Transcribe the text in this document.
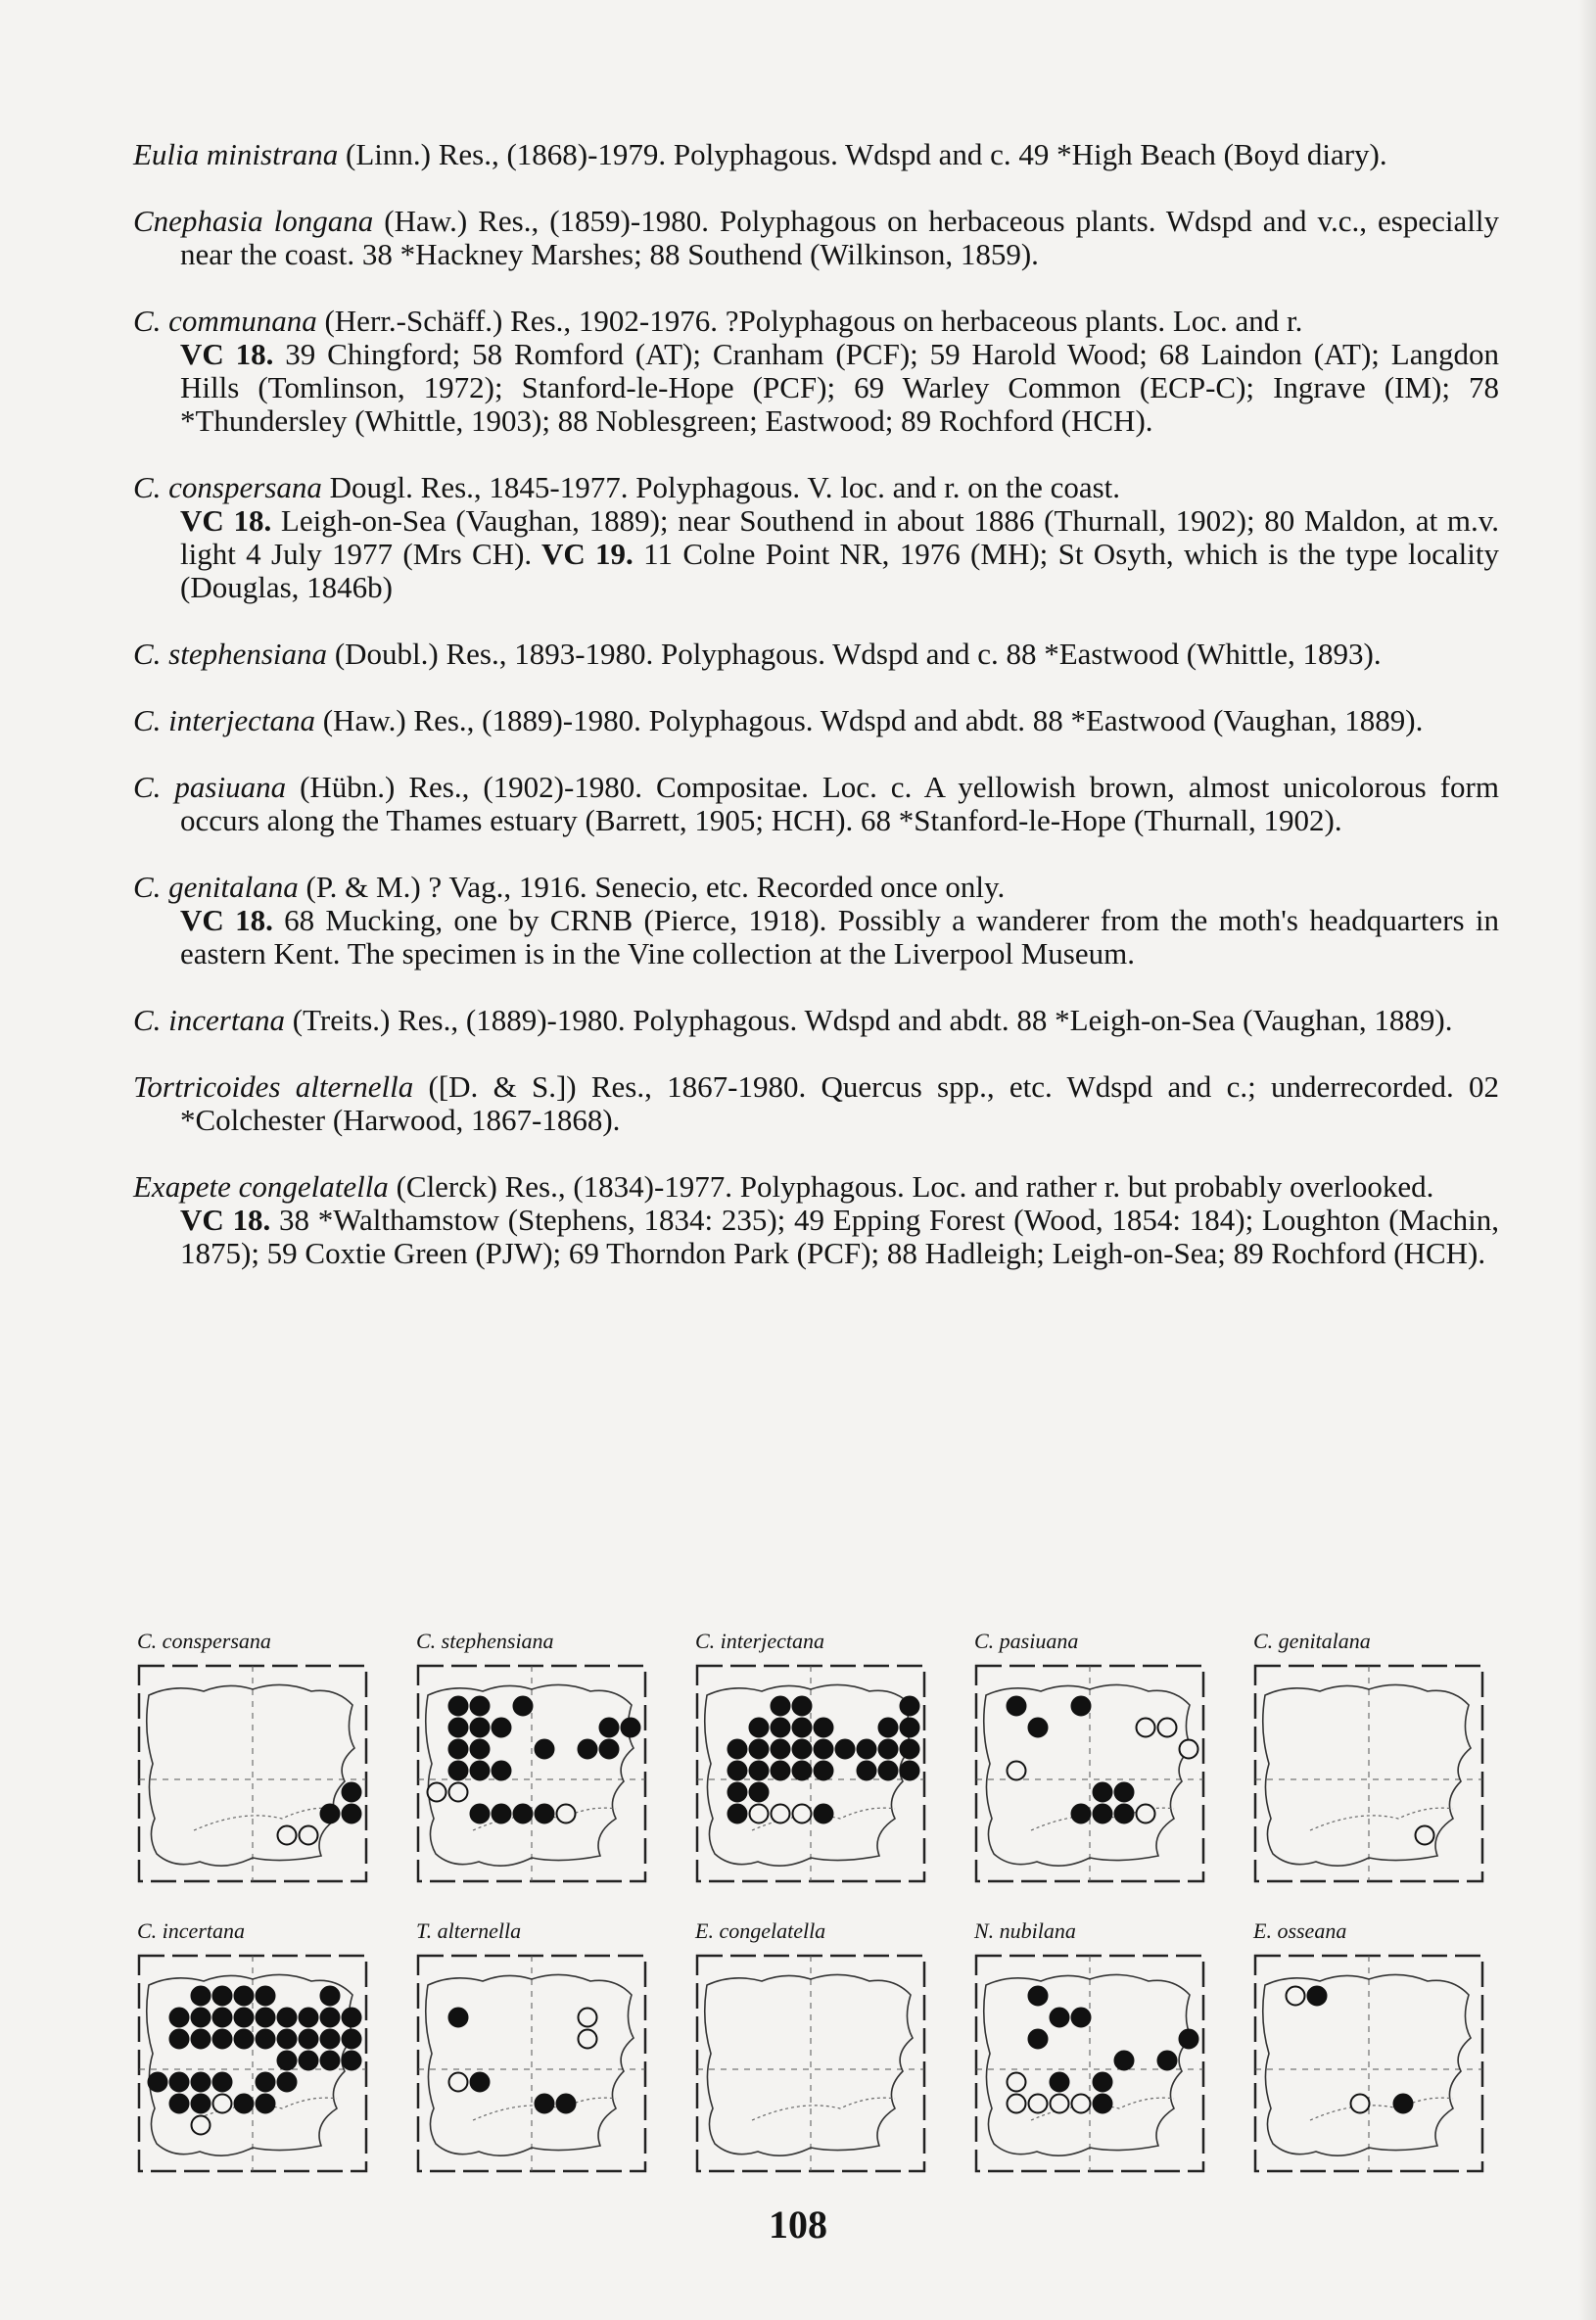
Eulia ministrana (Linn.) Res., (1868)-1979. Polyphagous. Wdspd and c. 49 *High Beach (Boyd diary).
Cnephasia longana (Haw.) Res., (1859)-1980. Polyphagous on herbaceous plants. Wdspd and v.c., especially near the coast. 38 *Hackney Marshes; 88 Southend (Wilkinson, 1859).
C. communana (Herr.-Schäff.) Res., 1902-1976. ?Polyphagous on herbaceous plants. Loc. and r.
VC 18. 39 Chingford; 58 Romford (AT); Cranham (PCF); 59 Harold Wood; 68 Laindon (AT); Langdon Hills (Tomlinson, 1972); Stanford-le-Hope (PCF); 69 Warley Common (ECP-C); Ingrave (IM); 78 *Thundersley (Whittle, 1903); 88 Noblesgreen; Eastwood; 89 Rochford (HCH).
C. conspersana Dougl. Res., 1845-1977. Polyphagous. V. loc. and r. on the coast.
VC 18. Leigh-on-Sea (Vaughan, 1889); near Southend in about 1886 (Thurnall, 1902); 80 Maldon, at m.v. light 4 July 1977 (Mrs CH). VC 19. 11 Colne Point NR, 1976 (MH); St Osyth, which is the type locality (Douglas, 1846b)
C. stephensiana (Doubl.) Res., 1893-1980. Polyphagous. Wdspd and c. 88 *Eastwood (Whittle, 1893).
C. interjectana (Haw.) Res., (1889)-1980. Polyphagous. Wdspd and abdt. 88 *Eastwood (Vaughan, 1889).
C. pasiuana (Hübn.) Res., (1902)-1980. Compositae. Loc. c. A yellowish brown, almost unicolorous form occurs along the Thames estuary (Barrett, 1905; HCH). 68 *Stanford-le-Hope (Thurnall, 1902).
C. genitalana (P. & M.) ? Vag., 1916. Senecio, etc. Recorded once only.
VC 18. 68 Mucking, one by CRNB (Pierce, 1918). Possibly a wanderer from the moth's headquarters in eastern Kent. The specimen is in the Vine collection at the Liverpool Museum.
C. incertana (Treits.) Res., (1889)-1980. Polyphagous. Wdspd and abdt. 88 *Leigh-on-Sea (Vaughan, 1889).
Tortricoides alternella ([D. & S.]) Res., 1867-1980. Quercus spp., etc. Wdspd and c.; underrecorded. 02 *Colchester (Harwood, 1867-1868).
Exapete congelatella (Clerck) Res., (1834)-1977. Polyphagous. Loc. and rather r. but probably overlooked.
VC 18. 38 *Walthamstow (Stephens, 1834: 235); 49 Epping Forest (Wood, 1854: 184); Loughton (Machin, 1875); 59 Coxtie Green (PJW); 69 Thorndon Park (PCF); 88 Hadleigh; Leigh-on-Sea; 89 Rochford (HCH).
C. conspersana	C. stephensiana	C. interjectana	C. pasiuana	C. genitalana
C. incertana	T. alternella	E. congelatella	N. nubilana	E. osseana
108
